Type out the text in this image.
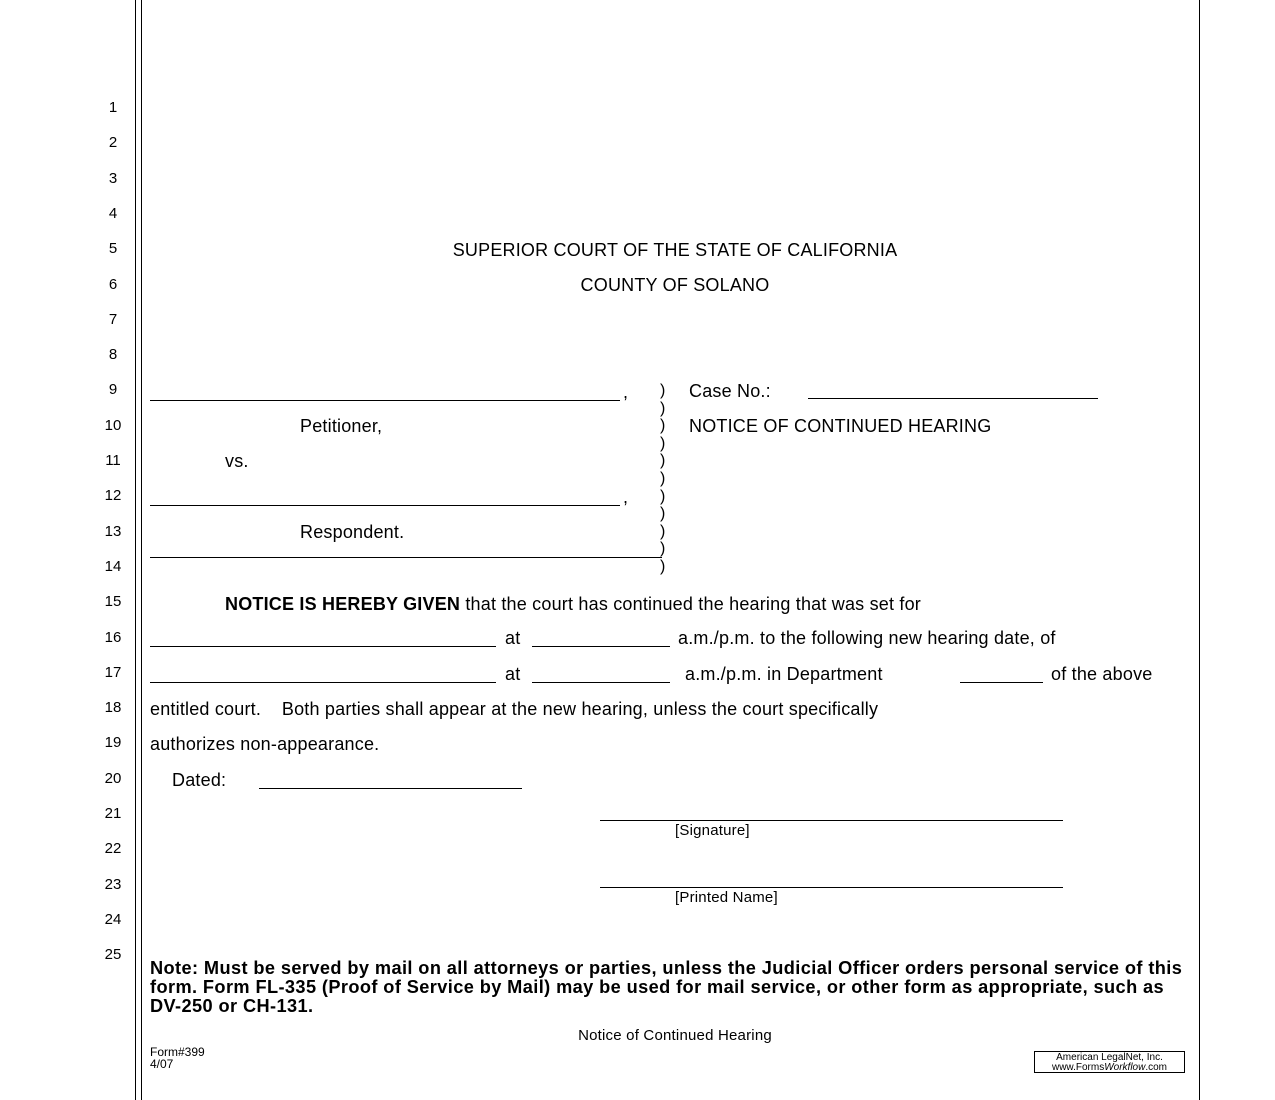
1
2
3
4
5
6
7
8
9
10
11
12
13
14
15
16
17
18
19
20
21
22
23
24
25
SUPERIOR COURT OF THE STATE OF CALIFORNIA
COUNTY OF SOLANO
,
Petitioner,
vs.
,
Respondent.
)
)
)
)
)
)
)
)
)
)
)
Case No.:
NOTICE OF CONTINUED HEARING
NOTICE IS HEREBY GIVEN that the court has continued the hearing that was set for
at	a.m./p.m. to the following new hearing date, of
at	a.m./p.m. in Department	of the above
entitled court.    Both parties shall appear at the new hearing, unless the court specifically
authorizes non-appearance.
Dated:
[Signature]
[Printed Name]
Note: Must be served by mail on all attorneys or parties, unless the Judicial Officer orders personal service of this form. Form FL-335 (Proof of Service by Mail) may be used for mail service, or other form as appropriate, such as DV-250 or CH-131.
Notice of Continued Hearing
Form#399
4/07	American LegalNet, Inc.
www.FormsWorkflow.com
